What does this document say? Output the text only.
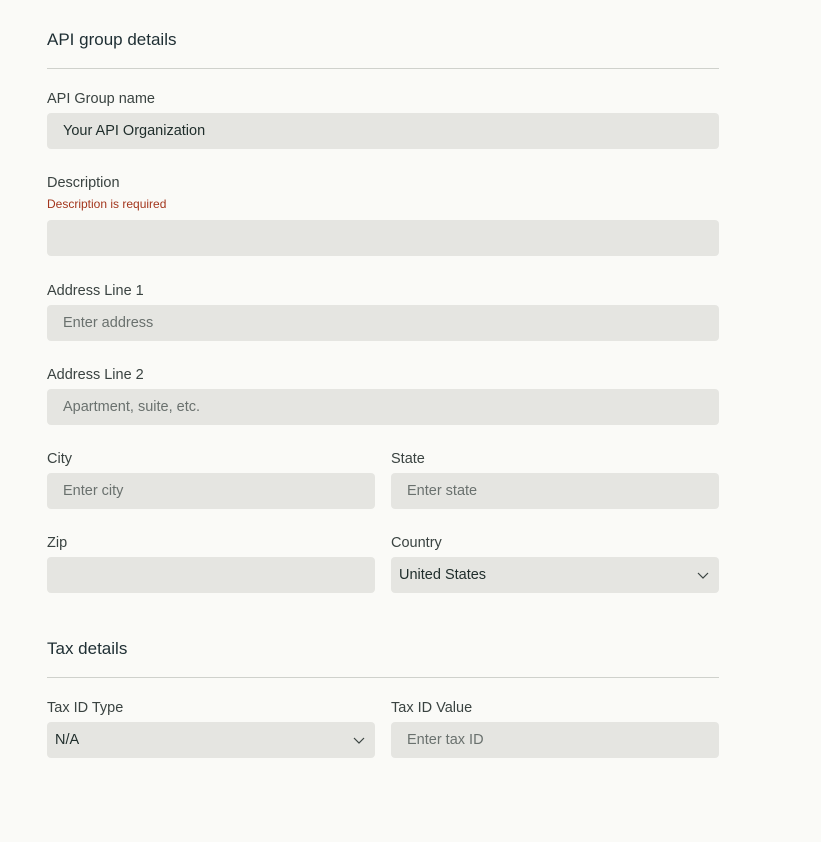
API group details
API Group name
Your API Organization
Description
Description is required
Address Line 1
Enter address
Address Line 2
Apartment, suite, etc.
City
Enter city	State
Enter state
Zip	Country
United States
Tax details
Tax ID Type
N/A
Tax ID Value
Enter tax ID
